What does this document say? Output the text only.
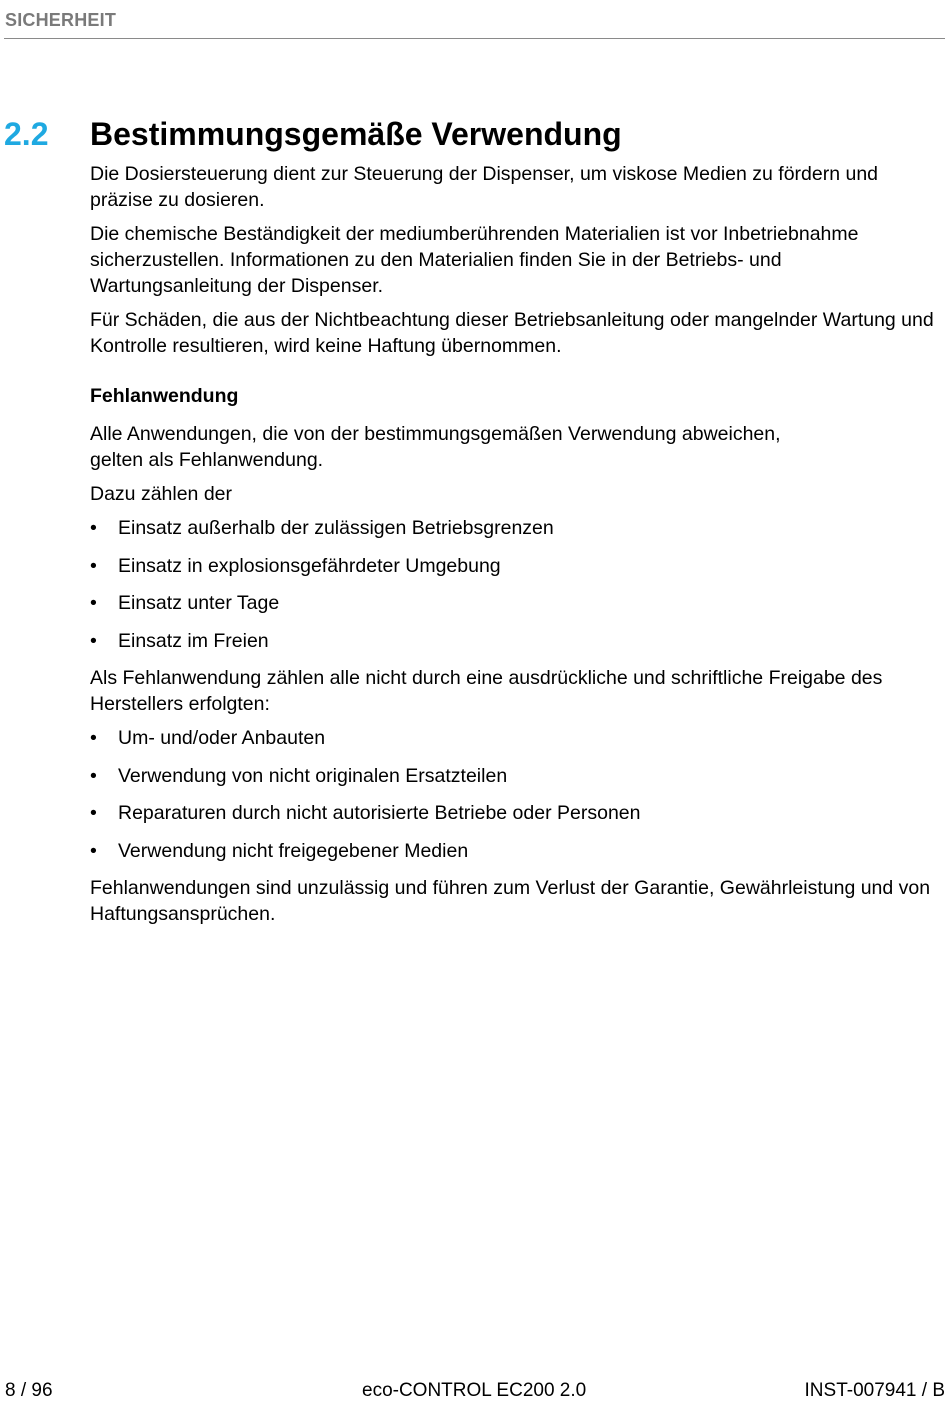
SICHERHEIT
2.2 Bestimmungsgemäße Verwendung

Die Dosiersteuerung dient zur Steuerung der Dispenser, um viskose Medien zu fördern und präzise zu dosieren.

Die chemische Beständigkeit der mediumberührenden Materialien ist vor Inbetriebnahme sicherzustellen. Informationen zu den Materialien finden Sie in der Betriebs- und Wartungsanleitung der Dispenser.

Für Schäden, die aus der Nichtbeachtung dieser Betriebsanleitung oder mangelnder Wartung und Kontrolle resultieren, wird keine Haftung übernommen.

Fehlanwendung

Alle Anwendungen, die von der bestimmungsgemäßen Verwendung abweichen,
gelten als Fehlanwendung.

Dazu zählen der

• Einsatz außerhalb der zulässigen Betriebsgrenzen
• Einsatz in explosionsgefährdeter Umgebung
• Einsatz unter Tage
• Einsatz im Freien

Als Fehlanwendung zählen alle nicht durch eine ausdrückliche und schriftliche Freigabe des Herstellers erfolgten:

• Um- und/oder Anbauten
• Verwendung von nicht originalen Ersatzteilen
• Reparaturen durch nicht autorisierte Betriebe oder Personen
• Verwendung nicht freigegebener Medien

Fehlanwendungen sind unzulässig und führen zum Verlust der Garantie, Gewährleistung und von Haftungsansprüchen.

8 / 96	eco-CONTROL EC200 2.0	INST-007941 / B
